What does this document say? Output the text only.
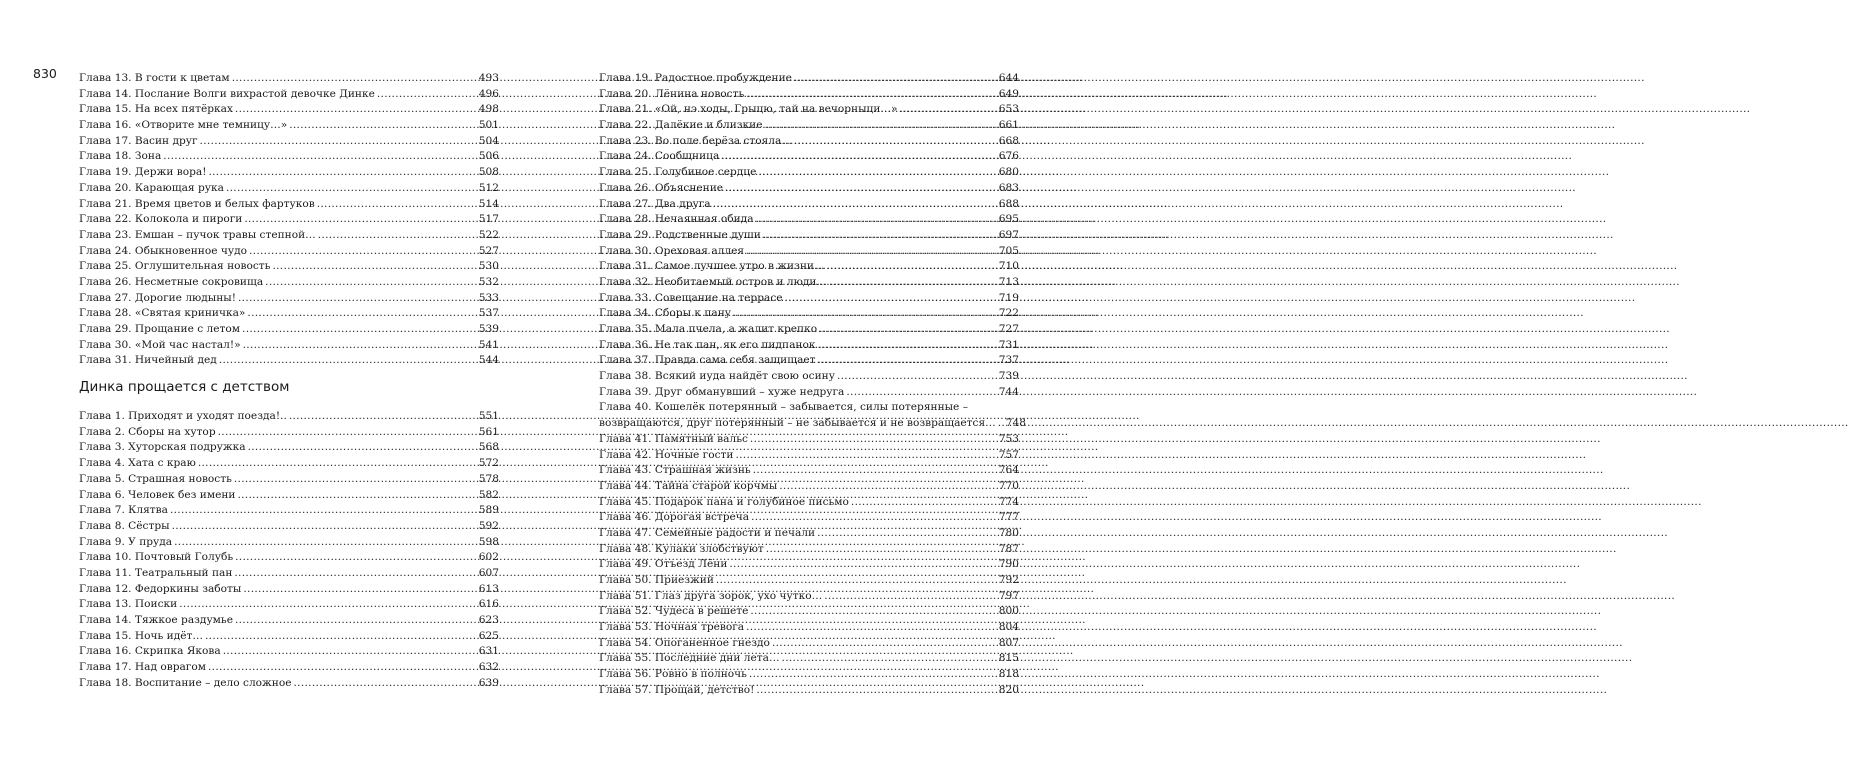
830 Глава 13. В гости к цветам .....	493
Глава 14. Послание Волги вихрастой девочке Динке .....	496
Глава 15. На всех пятёрках .....	498
Глава 16. «Отворите мне темницу…» .....	501
Глава 17. Васин друг .....	504
Глава 18. Зона .....	506
Глава 19. Держи вора! .....	508
Глава 20. Карающая рука .....	512
Глава 21. Время цветов и белых фартуков .....	514
Глава 22. Колокола и пироги .....	517
Глава 23. Емшан – пучок травы степной… .....	522
Глава 24. Обыкновенное чудо .....	527
Глава 25. Оглушительная новость .....	530
Глава 26. Несметные сокровища .....	532
Глава 27. Дорогие людыны! .....	533
Глава 28. «Святая криничка» .....	537
Глава 29. Прощание с летом .....	539
Глава 30. «Мой час настал!» .....	541
Глава 31. Ничейный дед .....	544
Динка прощается с детством
Глава 1. Приходят и уходят поезда!.. .....	551
Глава 2. Сборы на хутор .....	561
Глава 3. Хуторская подружка .....	568
Глава 4. Хата с краю .....	572
Глава 5. Страшная новость .....	578
Глава 6. Человек без имени .....	582
Глава 7. Клятва .....	589
Глава 8. Сёстры .....	592
Глава 9. У пруда .....	598
Глава 10. Почтовый Голубь .....	602
Глава 11. Театральный пан .....	607
Глава 12. Федоркины заботы .....	613
Глава 13. Поиски .....	616
Глава 14. Тяжкое раздумье .....	623
Глава 15. Ночь идёт… .....	625
Глава 16. Скрипка Якова .....	631
Глава 17. Над оврагом .....	632
Глава 18. Воспитание – дело сложное .....	639
Глава 19. Радостное пробуждение .....	644
Глава 20. Лёнина новость .....	649
Глава 21. «Ой, нэ ходы, Грыцю, тай на вечорныци…» .....	653
Глава 22. Далёкие и близкие .....	661
Глава 23. Во поле берёза стояла… .....	668
Глава 24. Сообщница .....	676
Глава 25. Голубиное сердце .....	680
Глава 26. Объяснение .....	683
Глава 27. Два друга .....	688
Глава 28. Нечаянная обида .....	695
Глава 29. Родственные души .....	697
Глава 30. Ореховая аллея .....	705
Глава 31. Самое лучшее утро в жизни… .....	710
Глава 32. Необитаемый остров и люди… .....	713
Глава 33. Совещание на террасе .....	719
Глава 34. Сборы к пану .....	722
Глава 35. Мала пчела, а жалит крепко .....	727
Глава 36. Не так пан, як его пидпанок .....	731
Глава 37. Правда сама себя защищает .....	737
Глава 38. Всякий иуда найдёт свою осину .....	739
Глава 39. Друг обманувший – хуже недруга .....	744
Глава 40. Кошелёк потерянный – забывается, силы потерянные –
возвращаются, друг потерянный – не забывается и не возвращается… ..... 748
Глава 41. Памятный вальс .....	753
Глава 42. Ночные гости .....	757
Глава 43. Страшная жизнь .....	764
Глава 44. Тайна старой корчмы .....	770
Глава 45. Подарок пана и голубиное письмо .....	774
Глава 46. Дорогая встреча .....	777
Глава 47. Семейные радости и печали .....	780
Глава 48. Кулаки злобствуют .....	787
Глава 49. Отъезд Лёни .....	790
Глава 50. Приезжий .....	792
Глава 51. Глаз друга зорок, ухо чутко… .....	797
Глава 52. Чудеса в решете .....	800
Глава 53. Ночная тревога .....	804
Глава 54. Опоганенное гнездо .....	807
Глава 55. Последние дни лета… .....	815
Глава 56. Ровно в полночь .....	818
Глава 57. Прощай, детство! .....	820
